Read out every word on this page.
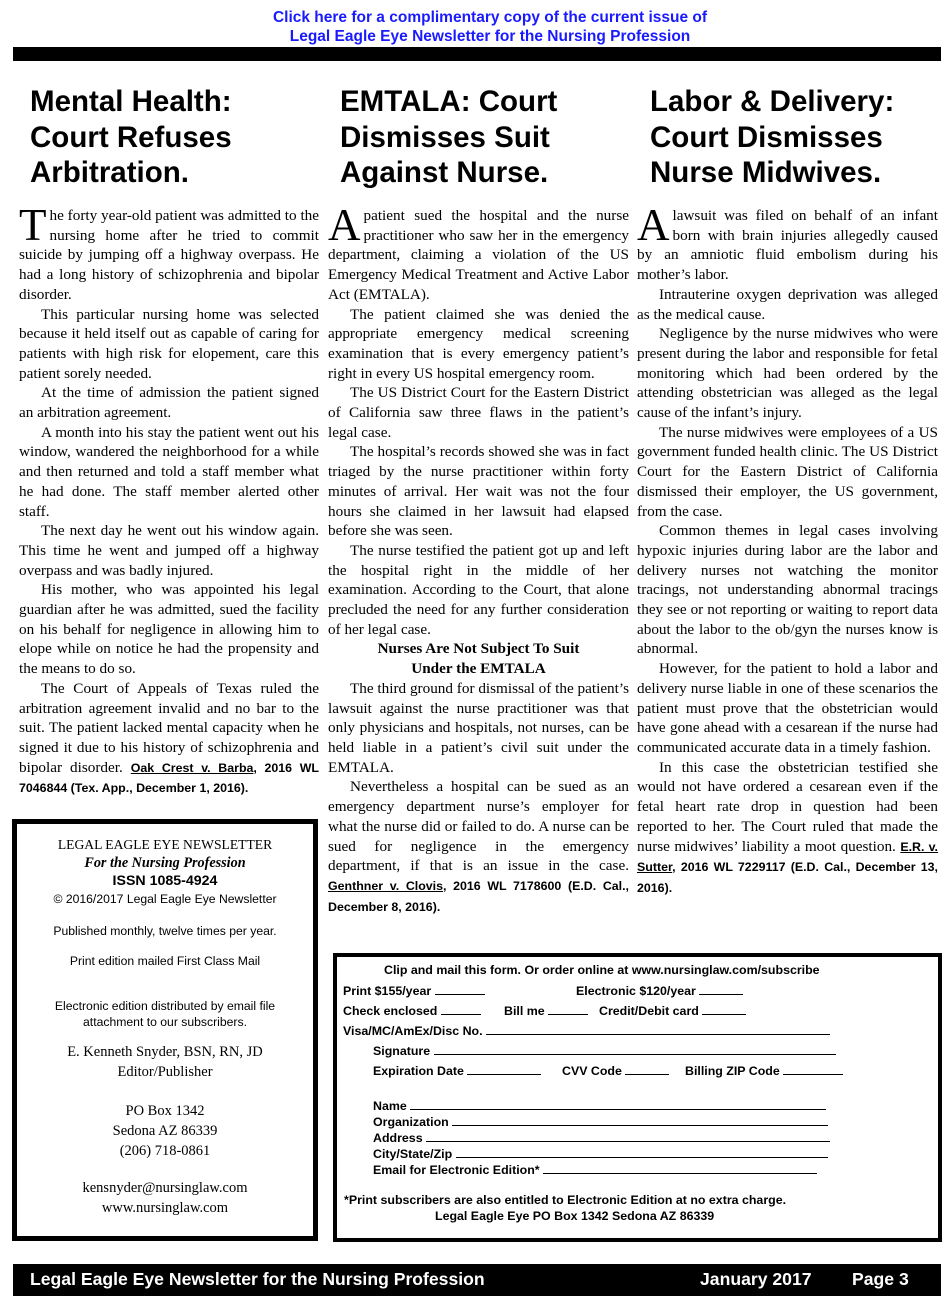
Click here for a complimentary copy of the current issue of
Legal Eagle Eye Newsletter for the Nursing Profession
Mental Health:
Court Refuses
Arbitration.

The forty year-old patient was admitted to the nursing home after he tried to commit suicide by jumping off a highway overpass. He had a long history of schizophrenia and bipolar disorder.

This particular nursing home was selected because it held itself out as capable of caring for patients with high risk for elopement, care this patient sorely needed.

At the time of admission the patient signed an arbitration agreement.

A month into his stay the patient went out his window, wandered the neighborhood for a while and then returned and told a staff member what he had done. The staff member alerted other staff.

The next day he went out his window again. This time he went and jumped off a highway overpass and was badly injured.

His mother, who was appointed his legal guardian after he was admitted, sued the facility on his behalf for negligence in allowing him to elope while on notice he had the propensity and the means to do so.

The Court of Appeals of Texas ruled the arbitration agreement invalid and no bar to the suit. The patient lacked mental capacity when he signed it due to his history of schizophrenia and bipolar disorder. Oak Crest v. Barba, 2016 WL 7046844 (Tex. App., December 1, 2016).

EMTALA: Court
Dismisses Suit
Against Nurse.

A patient sued the hospital and the nurse practitioner who saw her in the emergency department, claiming a violation of the US Emergency Medical Treatment and Active Labor Act (EMTALA).

The patient claimed she was denied the appropriate emergency medical screening examination that is every emergency patient’s right in every US hospital emergency room.

The US District Court for the Eastern District of California saw three flaws in the patient’s legal case.

The hospital’s records showed she was in fact triaged by the nurse practitioner within forty minutes of arrival. Her wait was not the four hours she claimed in her lawsuit had elapsed before she was seen.

The nurse testified the patient got up and left the hospital right in the middle of her examination. According to the Court, that alone precluded the need for any further consideration of her legal case.

Nurses Are Not Subject To Suit
Under the EMTALA

The third ground for dismissal of the patient’s lawsuit against the nurse practitioner was that only physicians and hospitals, not nurses, can be held liable in a patient’s civil suit under the EMTALA.

Nevertheless a hospital can be sued as an emergency department nurse’s employer for what the nurse did or failed to do. A nurse can be sued for negligence in the emergency department, if that is an issue in the case. Genthner v. Clovis, 2016 WL 7178600 (E.D. Cal., December 8, 2016).

Labor & Delivery:
Court Dismisses
Nurse Midwives.

A lawsuit was filed on behalf of an infant born with brain injuries allegedly caused by an amniotic fluid embolism during his mother’s labor.

Intrauterine oxygen deprivation was alleged as the medical cause.

Negligence by the nurse midwives who were present during the labor and responsible for fetal monitoring which had been ordered by the attending obstetrician was alleged as the legal cause of the infant’s injury.

The nurse midwives were employees of a US government funded health clinic. The US District Court for the Eastern District of California dismissed their employer, the US government, from the case.

Common themes in legal cases involving hypoxic injuries during labor are the labor and delivery nurses not watching the monitor tracings, not understanding abnormal tracings they see or not reporting or waiting to report data about the labor to the ob/gyn the nurses know is abnormal.

However, for the patient to hold a labor and delivery nurse liable in one of these scenarios the patient must prove that the obstetrician would have gone ahead with a cesarean if the nurse had communicated accurate data in a timely fashion.

In this case the obstetrician testified she would not have ordered a cesarean even if the fetal heart rate drop in question had been reported to her. The Court ruled that made the nurse midwives’ liability a moot question. E.R. v. Sutter, 2016 WL 7229117 (E.D. Cal., December 13, 2016).

LEGAL EAGLE EYE NEWSLETTER
For the Nursing Profession
ISSN 1085-4924
© 2016/2017 Legal Eagle Eye Newsletter
Published monthly, twelve times per year.
Print edition mailed First Class Mail
Electronic edition distributed by email file
attachment to our subscribers.
E. Kenneth Snyder, BSN, RN, JD
Editor/Publisher
PO Box 1342
Sedona AZ 86339
(206) 718-0861
kensnyder@nursinglaw.com
www.nursinglaw.com
Clip and mail this form. Or order online at www.nursinglaw.com/subscribe
Print $155/year	Electronic $120/year
Check enclosed	Bill me	Credit/Debit card
Visa/MC/AmEx/Disc No.
Signature
Expiration Date	CVV Code	Billing ZIP Code
Name
Organization
Address
City/State/Zip
Email for Electronic Edition*
*Print subscribers are also entitled to Electronic Edition at no extra charge.
Legal Eagle Eye PO Box 1342 Sedona AZ 86339
Legal Eagle Eye Newsletter for the Nursing Profession	January 2017 Page 3
